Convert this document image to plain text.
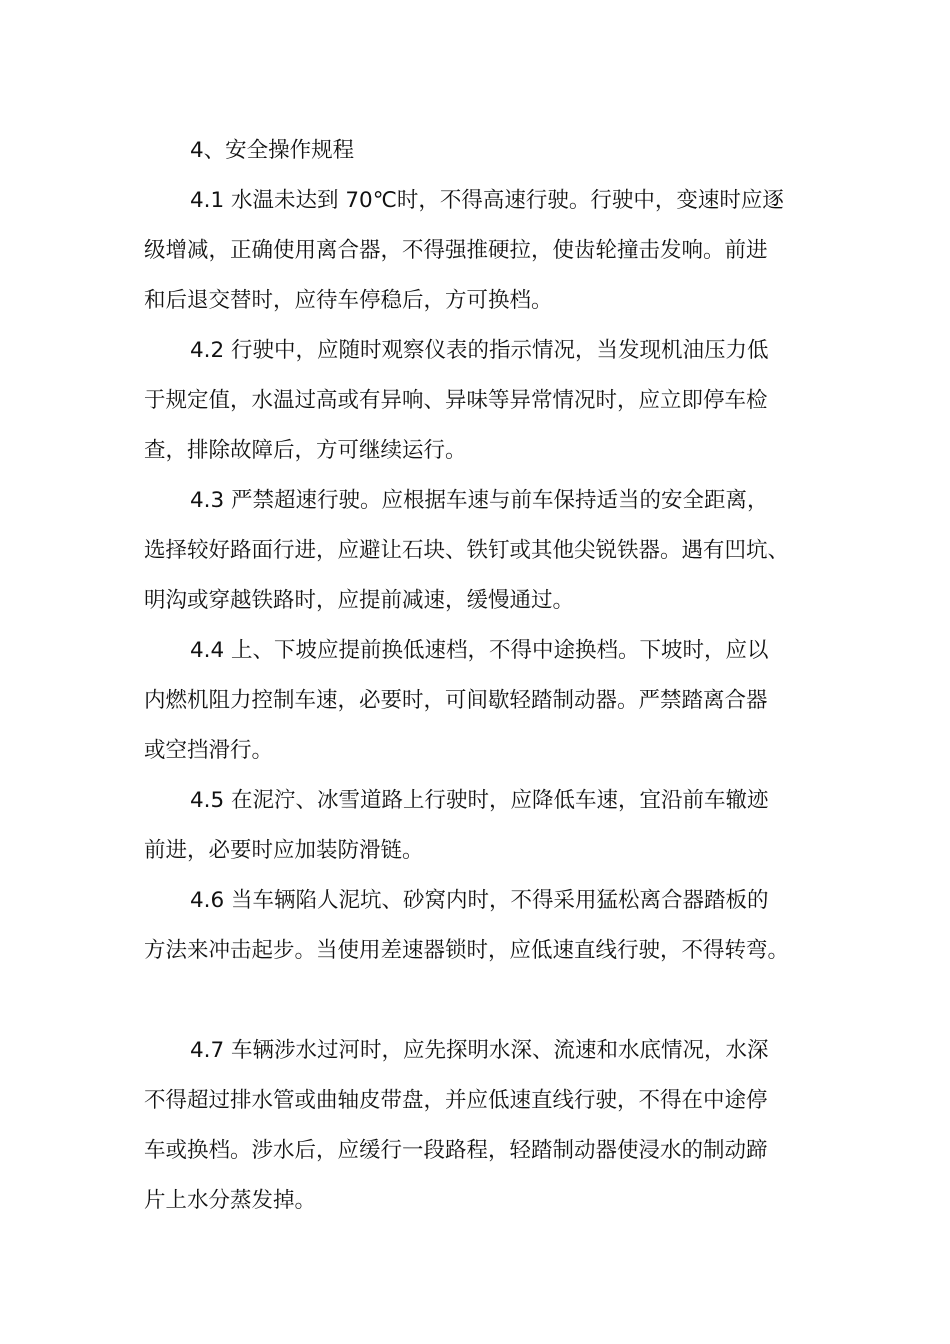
4、安全操作规程
4.1 水温未达到 70℃时，不得高速行驶。行驶中，变速时应逐
级增减，正确使用离合器，不得强推硬拉，使齿轮撞击发响。前进
和后退交替时，应待车停稳后，方可换档。
4.2 行驶中，应随时观察仪表的指示情况，当发现机油压力低
于规定值，水温过高或有异响、异味等异常情况时，应立即停车检
查，排除故障后，方可继续运行。
4.3 严禁超速行驶。应根据车速与前车保持适当的安全距离，
选择较好路面行进，应避让石块、铁钉或其他尖锐铁器。遇有凹坑、
明沟或穿越铁路时，应提前减速，缓慢通过。
4.4 上、下坡应提前换低速档，不得中途换档。下坡时，应以
内燃机阻力控制车速，必要时，可间歇轻踏制动器。严禁踏离合器
或空挡滑行。
4.5 在泥泞、冰雪道路上行驶时，应降低车速，宜沿前车辙迹
前进，必要时应加装防滑链。
4.6 当车辆陷人泥坑、砂窝内时，不得采用猛松离合器踏板的
方法来冲击起步。当使用差速器锁时，应低速直线行驶，不得转弯。
4.7 车辆涉水过河时，应先探明水深、流速和水底情况，水深
不得超过排水管或曲轴皮带盘，并应低速直线行驶，不得在中途停
车或换档。涉水后，应缓行一段路程，轻踏制动器使浸水的制动蹄
片上水分蒸发掉。
